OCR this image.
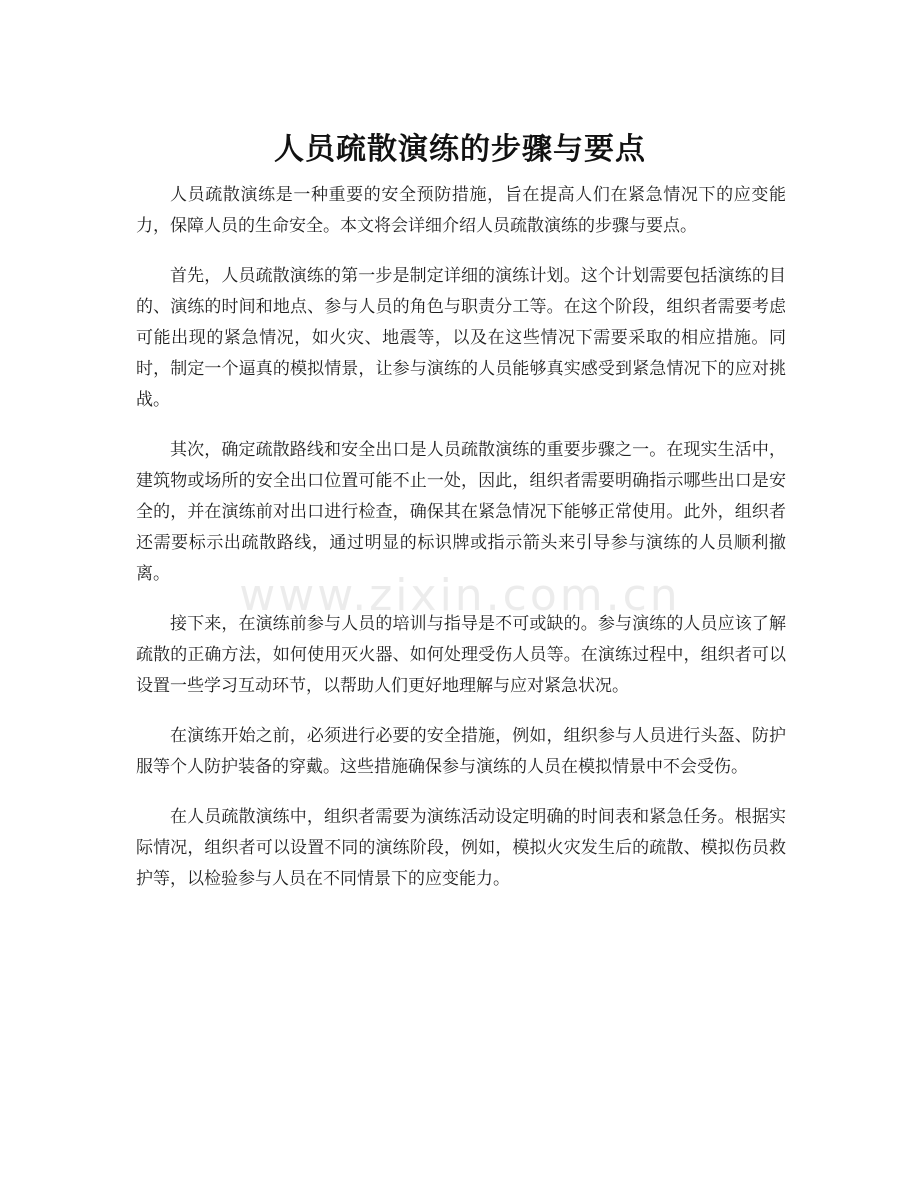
人员疏散演练的步骤与要点

人员疏散演练是一种重要的安全预防措施，旨在提高人们在紧急情况下的应变能力，保障人员的生命安全。本文将会详细介绍人员疏散演练的步骤与要点。

首先，人员疏散演练的第一步是制定详细的演练计划。这个计划需要包括演练的目的、演练的时间和地点、参与人员的角色与职责分工等。在这个阶段，组织者需要考虑可能出现的紧急情况，如火灾、地震等，以及在这些情况下需要采取的相应措施。同时，制定一个逼真的模拟情景，让参与演练的人员能够真实感受到紧急情况下的应对挑战。

其次，确定疏散路线和安全出口是人员疏散演练的重要步骤之一。在现实生活中，建筑物或场所的安全出口位置可能不止一处，因此，组织者需要明确指示哪些出口是安全的，并在演练前对出口进行检查，确保其在紧急情况下能够正常使用。此外，组织者还需要标示出疏散路线，通过明显的标识牌或指示箭头来引导参与演练的人员顺利撤离。

接下来，在演练前参与人员的培训与指导是不可或缺的。参与演练的人员应该了解疏散的正确方法，如何使用灭火器、如何处理受伤人员等。在演练过程中，组织者可以设置一些学习互动环节，以帮助人们更好地理解与应对紧急状况。

在演练开始之前，必须进行必要的安全措施，例如，组织参与人员进行头盔、防护服等个人防护装备的穿戴。这些措施确保参与演练的人员在模拟情景中不会受伤。

在人员疏散演练中，组织者需要为演练活动设定明确的时间表和紧急任务。根据实际情况，组织者可以设置不同的演练阶段，例如，模拟火灾发生后的疏散、模拟伤员救护等，以检验参与人员在不同情景下的应变能力。

www.zixin.com.cn
